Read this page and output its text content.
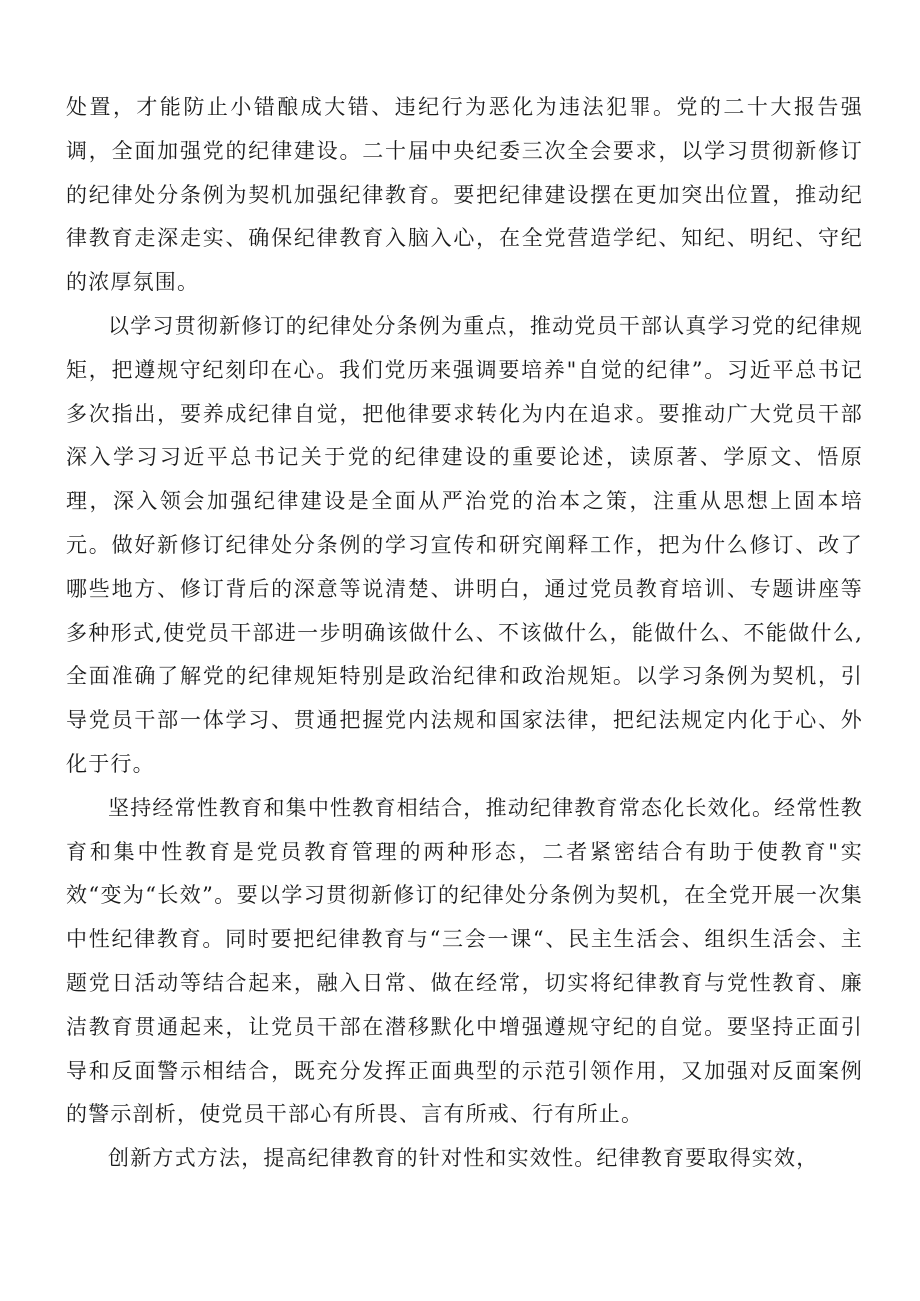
处置，才能防止小错酿成大错、违纪行为恶化为违法犯罪。党的二十大报告强调，全面加强党的纪律建设。二十届中央纪委三次全会要求，以学习贯彻新修订的纪律处分条例为契机加强纪律教育。要把纪律建设摆在更加突出位置，推动纪律教育走深走实、确保纪律教育入脑入心，在全党营造学纪、知纪、明纪、守纪的浓厚氛围。

以学习贯彻新修订的纪律处分条例为重点，推动党员干部认真学习党的纪律规矩，把遵规守纪刻印在心。我们党历来强调要培养"自觉的纪律”。习近平总书记多次指出，要养成纪律自觉，把他律要求转化为内在追求。要推动广大党员干部深入学习习近平总书记关于党的纪律建设的重要论述，读原著、学原文、悟原理，深入领会加强纪律建设是全面从严治党的治本之策，注重从思想上固本培元。做好新修订纪律处分条例的学习宣传和研究阐释工作，把为什么修订、改了哪些地方、修订背后的深意等说清楚、讲明白，通过党员教育培训、专题讲座等多种形式,使党员干部进一步明确该做什么、不该做什么，能做什么、不能做什么,全面准确了解党的纪律规矩特别是政治纪律和政治规矩。以学习条例为契机，引导党员干部一体学习、贯通把握党内法规和国家法律，把纪法规定内化于心、外化于行。

坚持经常性教育和集中性教育相结合，推动纪律教育常态化长效化。经常性教育和集中性教育是党员教育管理的两种形态，二者紧密结合有助于使教育"实效“变为“长效”。要以学习贯彻新修订的纪律处分条例为契机，在全党开展一次集中性纪律教育。同时要把纪律教育与“三会一课“、民主生活会、组织生活会、主题党日活动等结合起来，融入日常、做在经常，切实将纪律教育与党性教育、廉洁教育贯通起来，让党员干部在潜移默化中增强遵规守纪的自觉。要坚持正面引导和反面警示相结合，既充分发挥正面典型的示范引领作用，又加强对反面案例的警示剖析，使党员干部心有所畏、言有所戒、行有所止。

创新方式方法，提高纪律教育的针对性和实效性。纪律教育要取得实效，
